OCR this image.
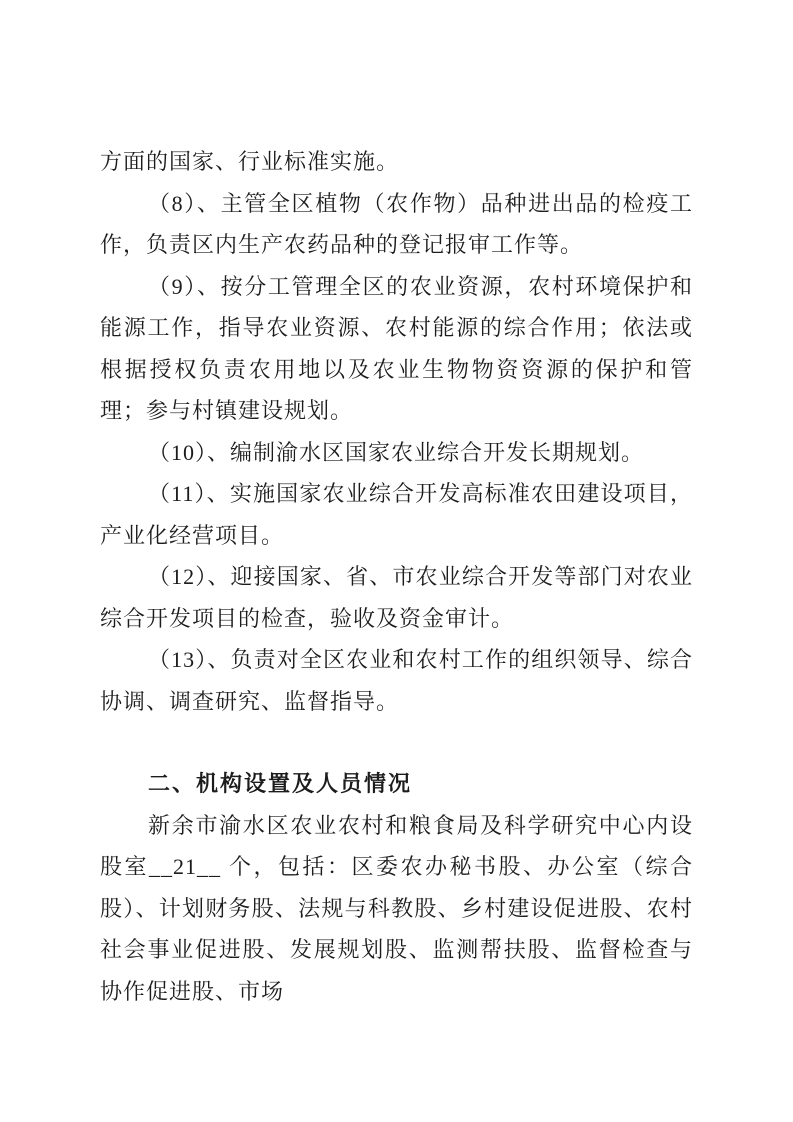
方面的国家、行业标准实施。

（8）、主管全区植物（农作物）品种进出品的检疫工作，负责区内生产农药品种的登记报审工作等。

（9）、按分工管理全区的农业资源，农村环境保护和能源工作，指导农业资源、农村能源的综合作用；依法或根据授权负责农用地以及农业生物物资资源的保护和管理；参与村镇建设规划。

（10）、编制渝水区国家农业综合开发长期规划。

（11）、实施国家农业综合开发高标准农田建设项目，产业化经营项目。

（12）、迎接国家、省、市农业综合开发等部门对农业综合开发项目的检查，验收及资金审计。

（13）、负责对全区农业和农村工作的组织领导、综合协调、调查研究、监督指导。

二、机构设置及人员情况

新余市渝水区农业农村和粮食局及科学研究中心内设股室__21__ 个，包括：区委农办秘书股、办公室（综合股）、计划财务股、法规与科教股、乡村建设促进股、农村社会事业促进股、发展规划股、监测帮扶股、监督检查与协作促进股、市场
